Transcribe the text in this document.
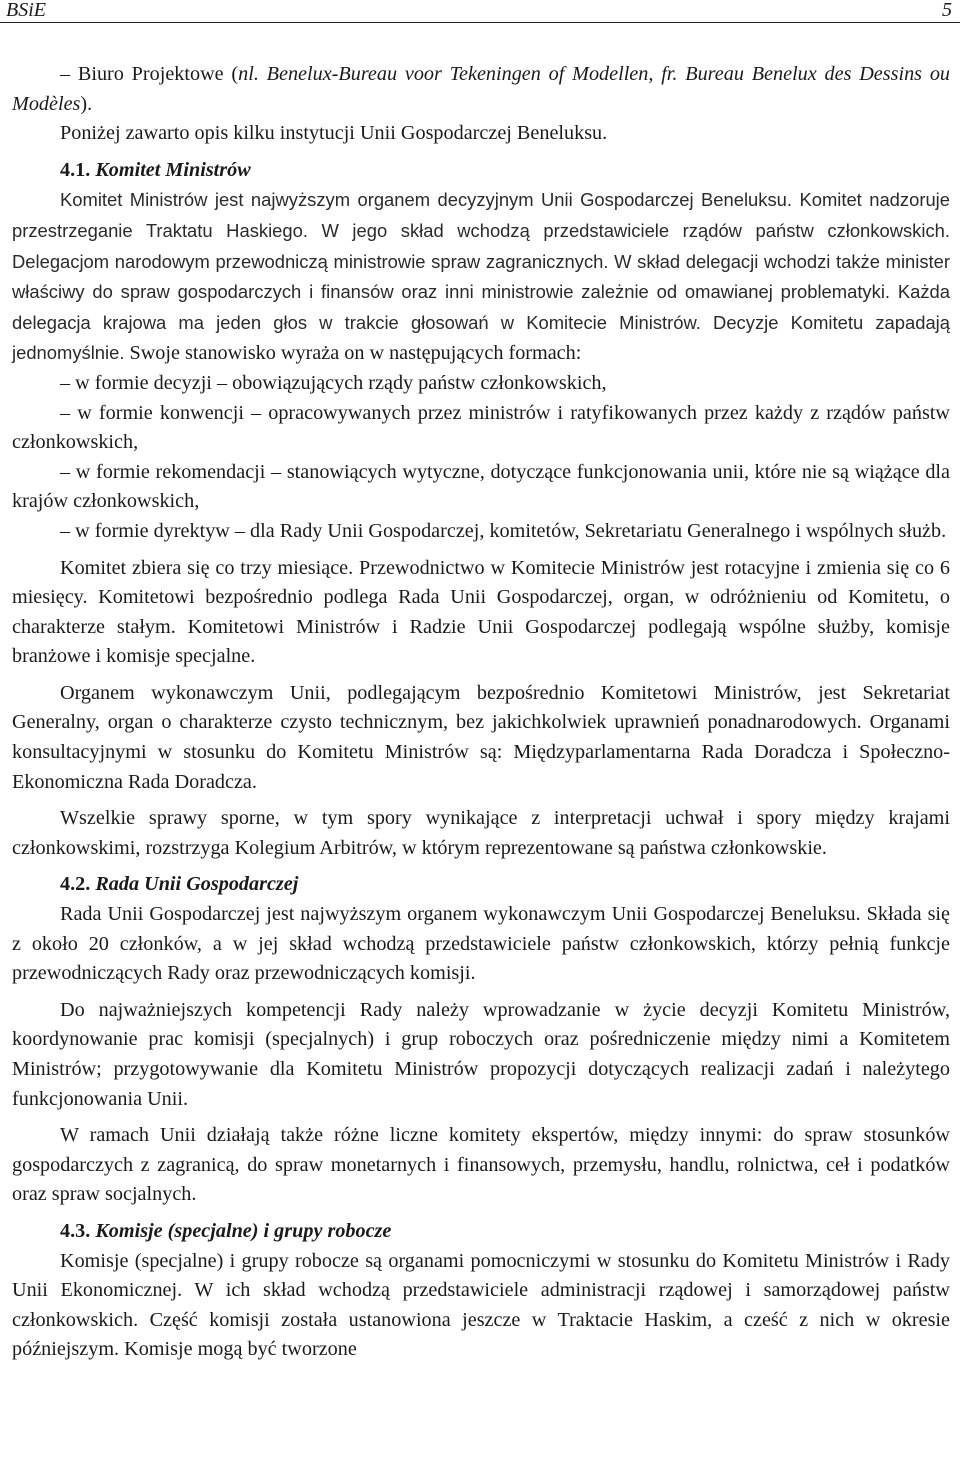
BSiE	5

– Biuro Projektowe (nl. Benelux-Bureau voor Tekeningen of Modellen, fr. Bureau Benelux des Dessins ou Modèles).

Poniżej zawarto opis kilku instytucji Unii Gospodarczej Beneluksu.

4.1. Komitet Ministrów

Komitet Ministrów jest najwyższym organem decyzyjnym Unii Gospodarczej Beneluksu. Komitet nadzoruje przestrzeganie Traktatu Haskiego. W jego skład wchodzą przedstawiciele rządów państw członkowskich. Delegacjom narodowym przewodniczą ministrowie spraw zagranicznych. W skład delegacji wchodzi także minister właściwy do spraw gospodarczych i finansów oraz inni ministrowie zależnie od omawianej problematyki. Każda delegacja krajowa ma jeden głos w trakcie głosowań w Komitecie Ministrów. Decyzje Komitetu zapadają jednomyślnie. Swoje stanowisko wyraża on w następujących formach:

– w formie decyzji – obowiązujących rządy państw członkowskich,

– w formie konwencji – opracowywanych przez ministrów i ratyfikowanych przez każdy z rządów państw członkowskich,

– w formie rekomendacji – stanowiących wytyczne, dotyczące funkcjonowania unii, które nie są wiążące dla krajów członkowskich,

– w formie dyrektyw – dla Rady Unii Gospodarczej, komitetów, Sekretariatu Generalnego i wspólnych służb.

Komitet zbiera się co trzy miesiące. Przewodnictwo w Komitecie Ministrów jest rotacyjne i zmienia się co 6 miesięcy. Komitetowi bezpośrednio podlega Rada Unii Gospodarczej, organ, w odróżnieniu od Komitetu, o charakterze stałym. Komitetowi Ministrów i Radzie Unii Gospodarczej podlegają wspólne służby, komisje branżowe i komisje specjalne.

Organem wykonawczym Unii, podlegającym bezpośrednio Komitetowi Ministrów, jest Sekretariat Generalny, organ o charakterze czysto technicznym, bez jakichkolwiek uprawnień ponadnarodowych. Organami konsultacyjnymi w stosunku do Komitetu Ministrów są: Międzyparlamentarna Rada Doradcza i Społeczno-Ekonomiczna Rada Doradcza.

Wszelkie sprawy sporne, w tym spory wynikające z interpretacji uchwał i spory między krajami członkowskimi, rozstrzyga Kolegium Arbitrów, w którym reprezentowane są państwa członkowskie.

4.2. Rada Unii Gospodarczej

Rada Unii Gospodarczej jest najwyższym organem wykonawczym Unii Gospodarczej Beneluksu. Składa się z około 20 członków, a w jej skład wchodzą przedstawiciele państw członkowskich, którzy pełnią funkcje przewodniczących Rady oraz przewodniczących komisji.

Do najważniejszych kompetencji Rady należy wprowadzanie w życie decyzji Komitetu Ministrów, koordynowanie prac komisji (specjalnych) i grup roboczych oraz pośredniczenie między nimi a Komitetem Ministrów; przygotowywanie dla Komitetu Ministrów propozycji dotyczących realizacji zadań i należytego funkcjonowania Unii.

W ramach Unii działają także różne liczne komitety ekspertów, między innymi: do spraw stosunków gospodarczych z zagranicą, do spraw monetarnych i finansowych, przemysłu, handlu, rolnictwa, ceł i podatków oraz spraw socjalnych.

4.3. Komisje (specjalne) i grupy robocze

Komisje (specjalne) i grupy robocze są organami pomocniczymi w stosunku do Komitetu Ministrów i Rady Unii Ekonomicznej. W ich skład wchodzą przedstawiciele administracji rządowej i samorządowej państw członkowskich. Część komisji została ustanowiona jeszcze w Traktacie Haskim, a cześć z nich w okresie późniejszym. Komisje mogą być tworzone
